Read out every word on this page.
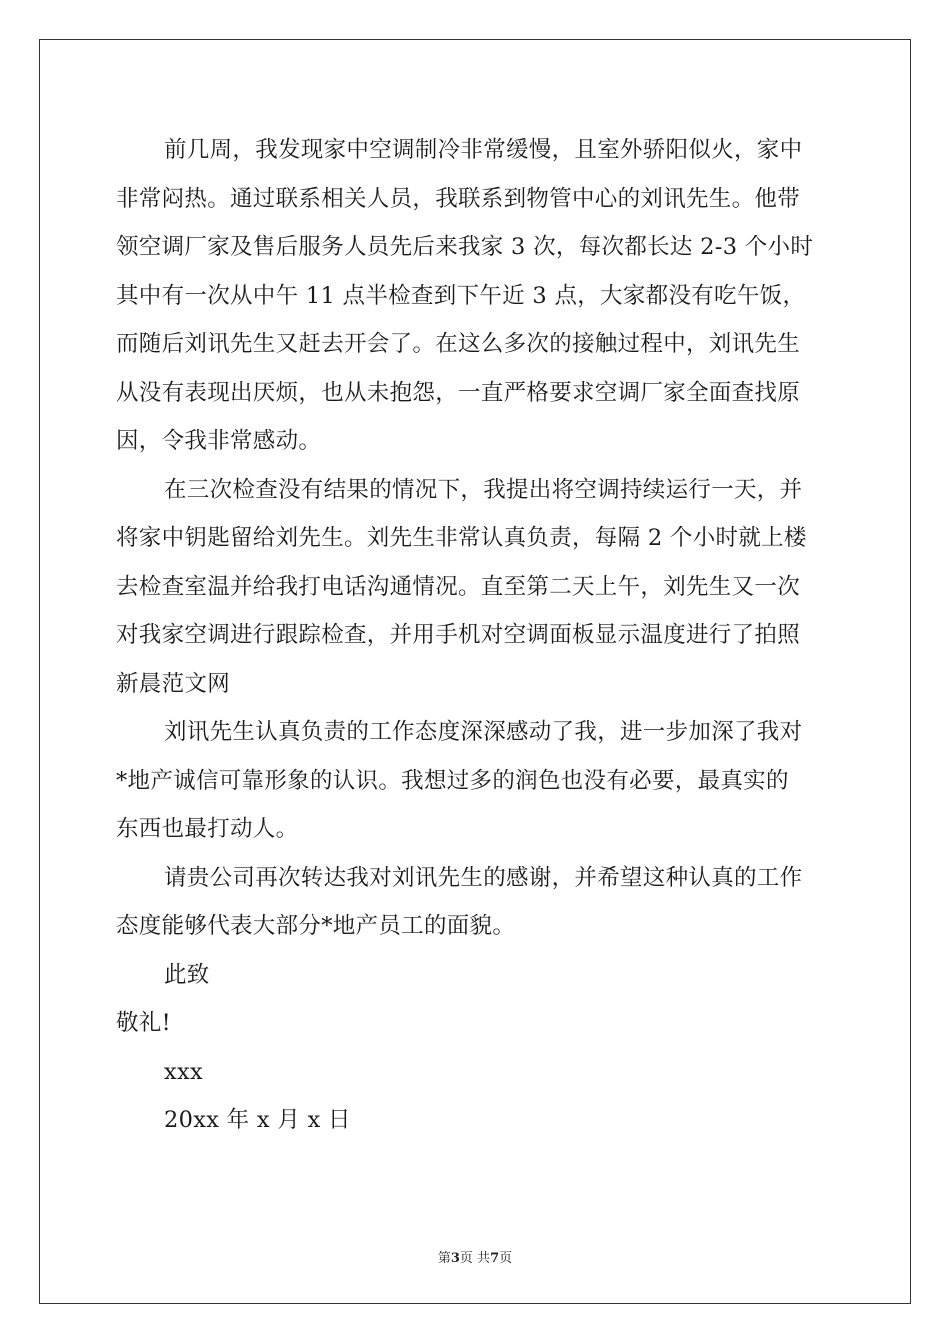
前几周，我发现家中空调制冷非常缓慢，且室外骄阳似火，家中

非常闷热。通过联系相关人员，我联系到物管中心的刘讯先生。他带

领空调厂家及售后服务人员先后来我家 3 次，每次都长达 2-3 个小时

其中有一次从中午 11 点半检查到下午近 3 点，大家都没有吃午饭，

而随后刘讯先生又赶去开会了。在这么多次的接触过程中，刘讯先生

从没有表现出厌烦，也从未抱怨，一直严格要求空调厂家全面查找原

因，令我非常感动。

在三次检查没有结果的情况下，我提出将空调持续运行一天，并

将家中钥匙留给刘先生。刘先生非常认真负责，每隔 2 个小时就上楼

去检查室温并给我打电话沟通情况。直至第二天上午，刘先生又一次

对我家空调进行跟踪检查，并用手机对空调面板显示温度进行了拍照

新晨范文网

刘讯先生认真负责的工作态度深深感动了我，进一步加深了我对

*地产诚信可靠形象的认识。我想过多的润色也没有必要，最真实的

东西也最打动人。

请贵公司再次转达我对刘讯先生的感谢，并希望这种认真的工作

态度能够代表大部分*地产员工的面貌。

此致

敬礼!

xxx

20xx 年 x 月 x 日

第3页 共7页
